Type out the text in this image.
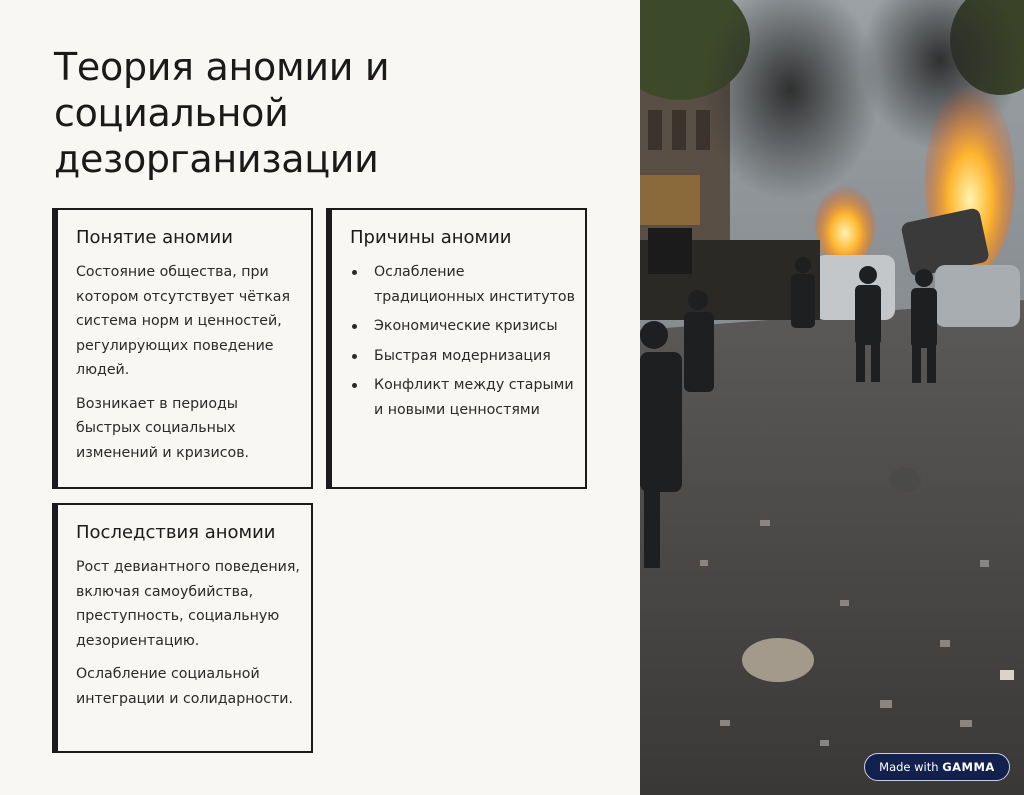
Теория аномии и социальной дезорганизации
Понятие аномии

Состояние общества, при котором отсутствует чёткая система норм и ценностей, регулирующих поведение людей.

Возникает в периоды быстрых социальных изменений и кризисов.

Причины аномии
Ослабление традиционных институтов
Экономические кризисы
Быстрая модернизация
Конфликт между старыми и новыми ценностями
Последствия аномии

Рост девиантного поведения, включая самоубийства, преступность, социальную дезориентацию.

Ослабление социальной интеграции и солидарности.

Made with GAMMA
